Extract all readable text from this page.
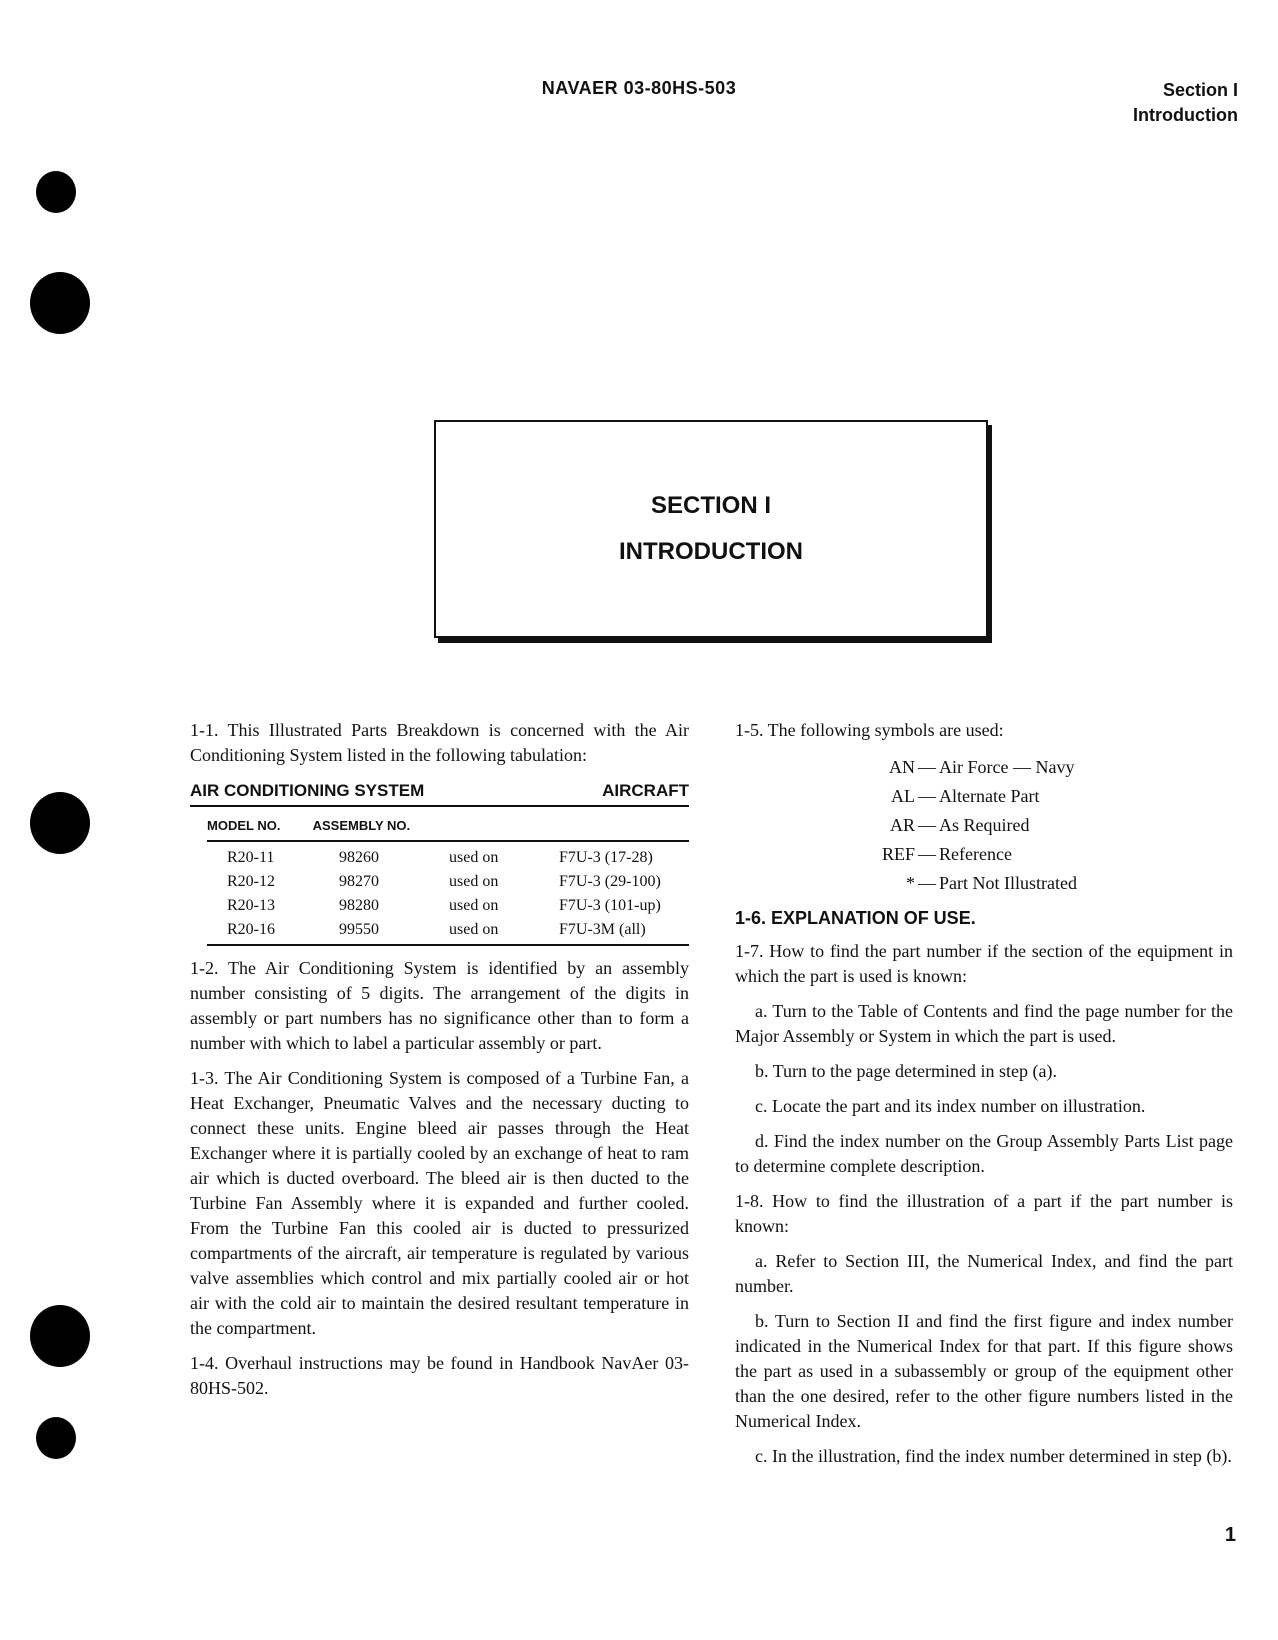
NAVAER 03-80HS-503	Section I
Introduction
SECTION I
INTRODUCTION

1-1. This Illustrated Parts Breakdown is concerned with the Air Conditioning System listed in the following tabulation:

AIR CONDITIONING SYSTEM	AIRCRAFT
MODEL NO. ASSEMBLY NO.
R20-11	98260	used on	F7U-3 (17-28)
R20-12	98270	used on	F7U-3 (29-100)
R20-13	98280	used on	F7U-3 (101-up)
R20-16	99550	used on	F7U-3M (all)

1-2. The Air Conditioning System is identified by an assembly number consisting of 5 digits. The arrangement of the digits in assembly or part numbers has no significance other than to form a number with which to label a particular assembly or part.

1-3. The Air Conditioning System is composed of a Turbine Fan, a Heat Exchanger, Pneumatic Valves and the necessary ducting to connect these units. Engine bleed air passes through the Heat Exchanger where it is partially cooled by an exchange of heat to ram air which is ducted overboard. The bleed air is then ducted to the Turbine Fan Assembly where it is expanded and further cooled. From the Turbine Fan this cooled air is ducted to pressurized compartments of the aircraft, air temperature is regulated by various valve assemblies which control and mix partially cooled air or hot air with the cold air to maintain the desired resultant temperature in the compartment.

1-4. Overhaul instructions may be found in Handbook NavAer 03-80HS-502.

1-5. The following symbols are used:

AN — Air Force — Navy
AL — Alternate Part
AR — As Required
REF — Reference
* — Part Not Illustrated
1-6. EXPLANATION OF USE.

1-7. How to find the part number if the section of the equipment in which the part is used is known:

a. Turn to the Table of Contents and find the page number for the Major Assembly or System in which the part is used.

b. Turn to the page determined in step (a).

c. Locate the part and its index number on illustration.

d. Find the index number on the Group Assembly Parts List page to determine complete description.

1-8. How to find the illustration of a part if the part number is known:

a. Refer to Section III, the Numerical Index, and find the part number.

b. Turn to Section II and find the first figure and index number indicated in the Numerical Index for that part. If this figure shows the part as used in a subassembly or group of the equipment other than the one desired, refer to the other figure numbers listed in the Numerical Index.

c. In the illustration, find the index number determined in step (b).

1
